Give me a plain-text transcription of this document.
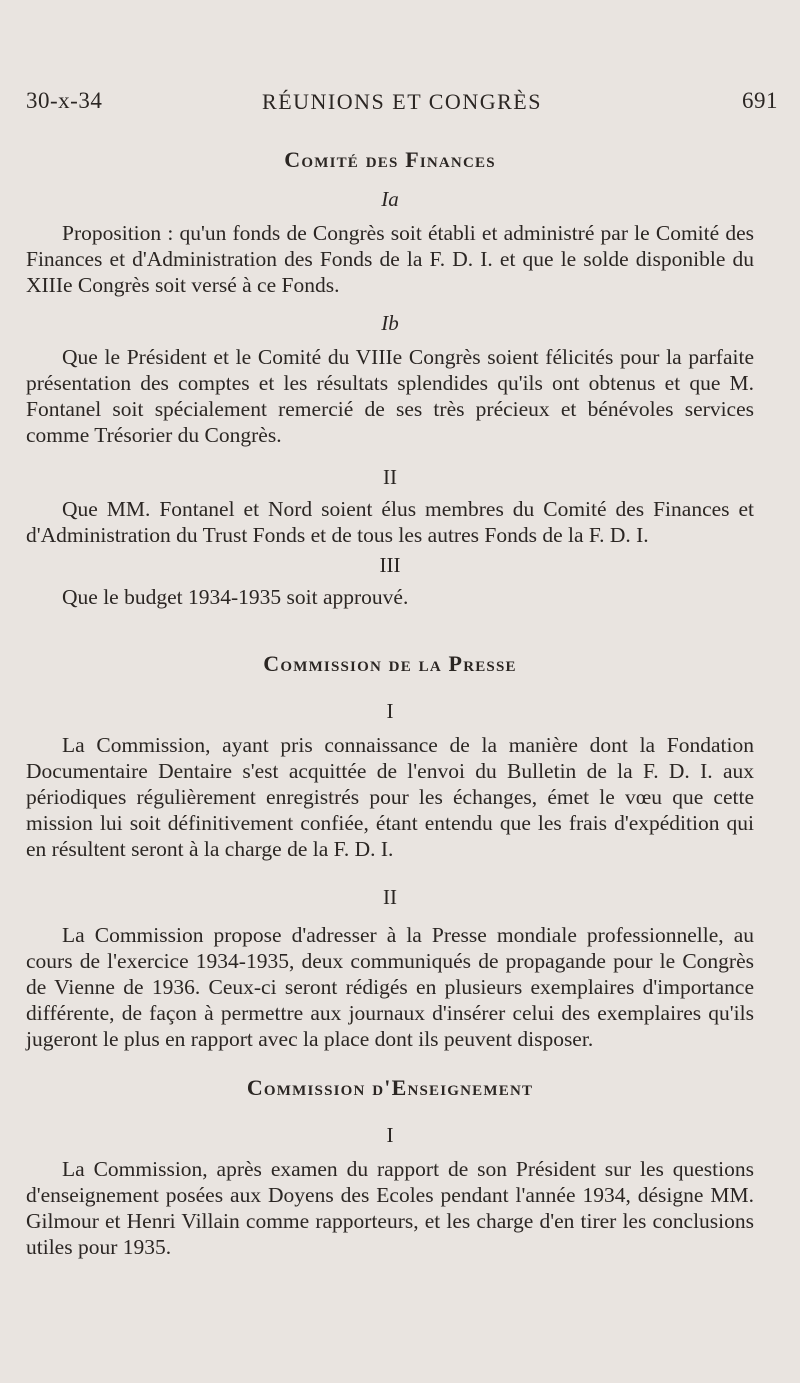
30-x-34	RÉUNIONS ET CONGRÈS	691
Comité des Finances
Ia

Proposition : qu'un fonds de Congrès soit établi et administré par le Comité des Finances et d'Administration des Fonds de la F. D. I. et que le solde disponible du XIIIe Congrès soit versé à ce Fonds.

Ib

Que le Président et le Comité du VIIIe Congrès soient félicités pour la parfaite présentation des comptes et les résultats splendides qu'ils ont obtenus et que M. Fontanel soit spécialement remercié de ses très précieux et bénévoles services comme Trésorier du Congrès.

II

Que MM. Fontanel et Nord soient élus membres du Comité des Finances et d'Administration du Trust Fonds et de tous les autres Fonds de la F. D. I.

III

Que le budget 1934-1935 soit approuvé.

Commission de la Presse
I

La Commission, ayant pris connaissance de la manière dont la Fondation Documentaire Dentaire s'est acquittée de l'envoi du Bulletin de la F. D. I. aux périodiques régulièrement enregistrés pour les échanges, émet le vœu que cette mission lui soit définitivement confiée, étant entendu que les frais d'expédition qui en résultent seront à la charge de la F. D. I.

II

La Commission propose d'adresser à la Presse mondiale professionnelle, au cours de l'exercice 1934-1935, deux communiqués de propagande pour le Congrès de Vienne de 1936. Ceux-ci seront rédigés en plusieurs exemplaires d'importance différente, de façon à permettre aux journaux d'insérer celui des exemplaires qu'ils jugeront le plus en rapport avec la place dont ils peuvent disposer.

Commission d'Enseignement
I

La Commission, après examen du rapport de son Président sur les questions d'enseignement posées aux Doyens des Ecoles pendant l'année 1934, désigne MM. Gilmour et Henri Villain comme rapporteurs, et les charge d'en tirer les conclusions utiles pour 1935.
